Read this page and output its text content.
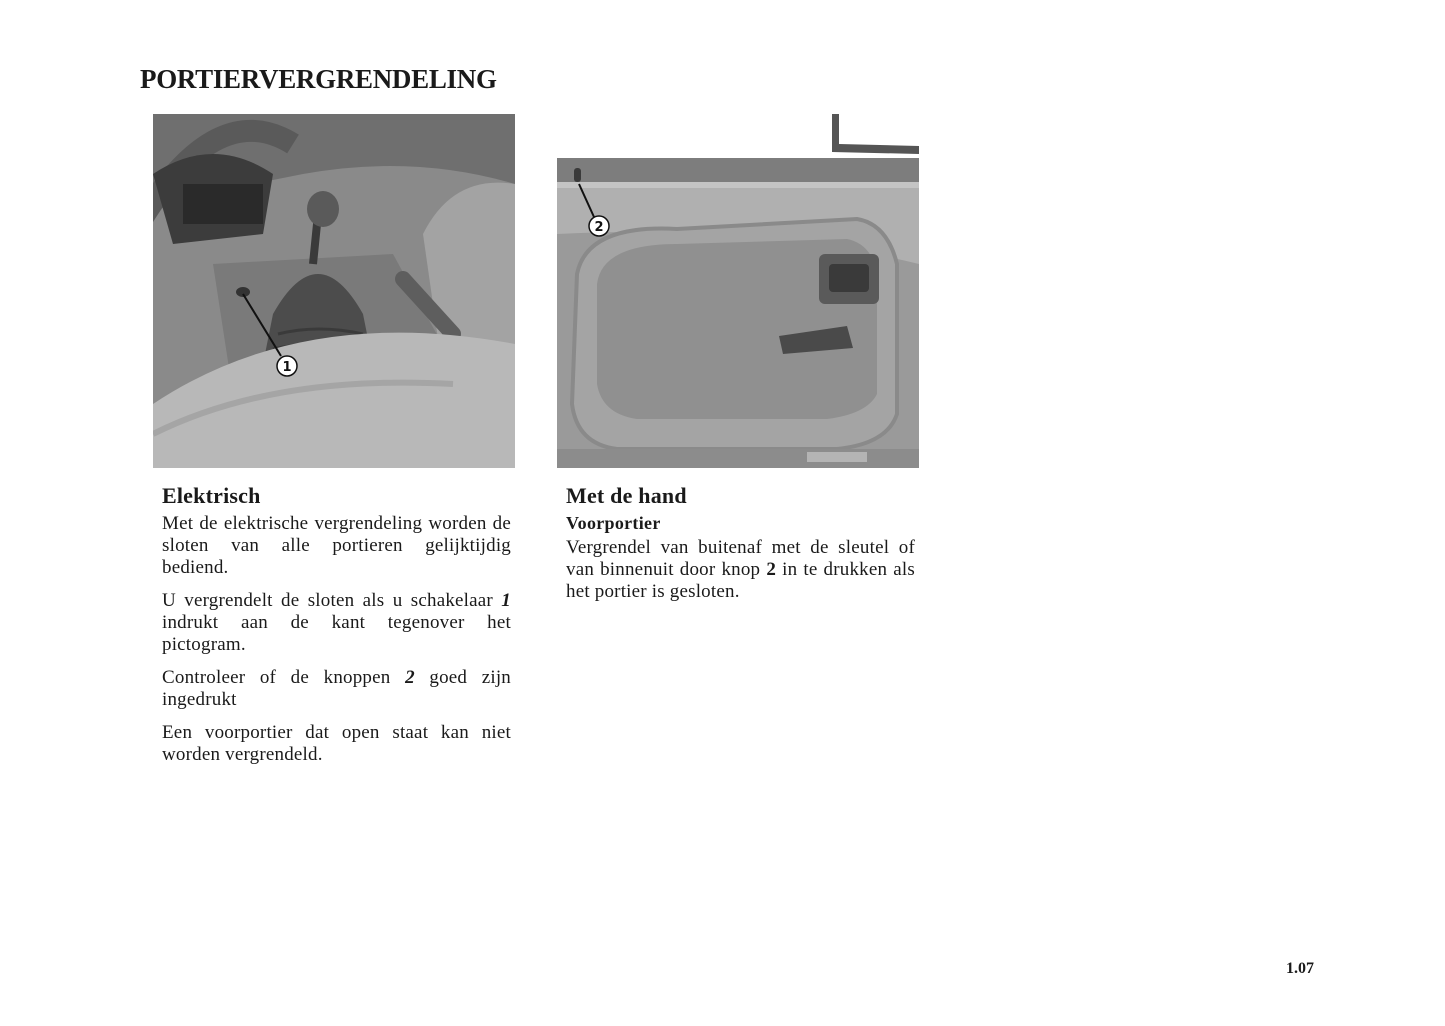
PORTIERVERGRENDELING
1
2
Elektrisch

Met de elektrische vergrendeling worden de sloten van alle portieren gelijktijdig bediend.

U vergrendelt de sloten als u schakelaar 1 indrukt aan de kant tegenover het pictogram.

Controleer of de knoppen 2 goed zijn ingedrukt

Een voorportier dat open staat kan niet worden vergrendeld.

Met de hand
Voorportier

Vergrendel van buitenaf met de sleutel of van binnenuit door knop 2 in te drukken als het portier is gesloten.

1.07
